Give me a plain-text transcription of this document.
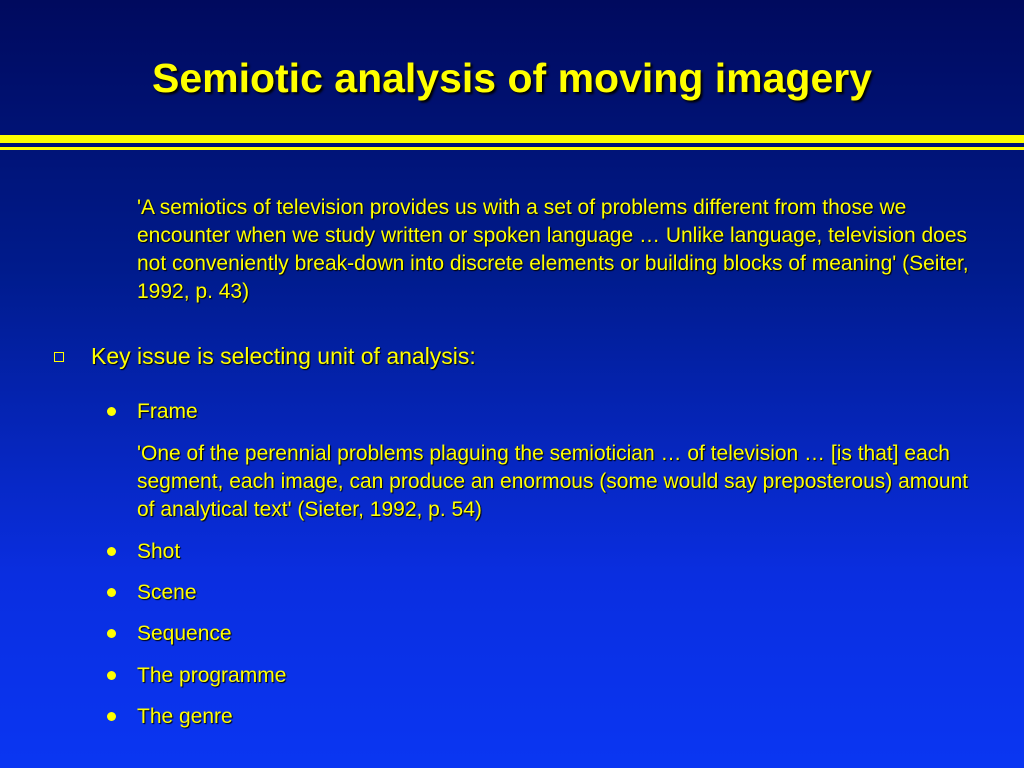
Semiotic analysis of moving imagery
'A semiotics of television provides us with a set of problems different from those we encounter when we study written or spoken language … Unlike language, television does not conveniently break-down into discrete elements or building blocks of meaning' (Seiter, 1992, p. 43)
Key issue is selecting unit of analysis:
Frame
'One of the perennial problems plaguing the semiotician … of television … [is that] each segment, each image, can produce an enormous (some would say preposterous) amount of analytical text' (Sieter, 1992, p. 54)
Shot
Scene
Sequence
The programme
The genre
